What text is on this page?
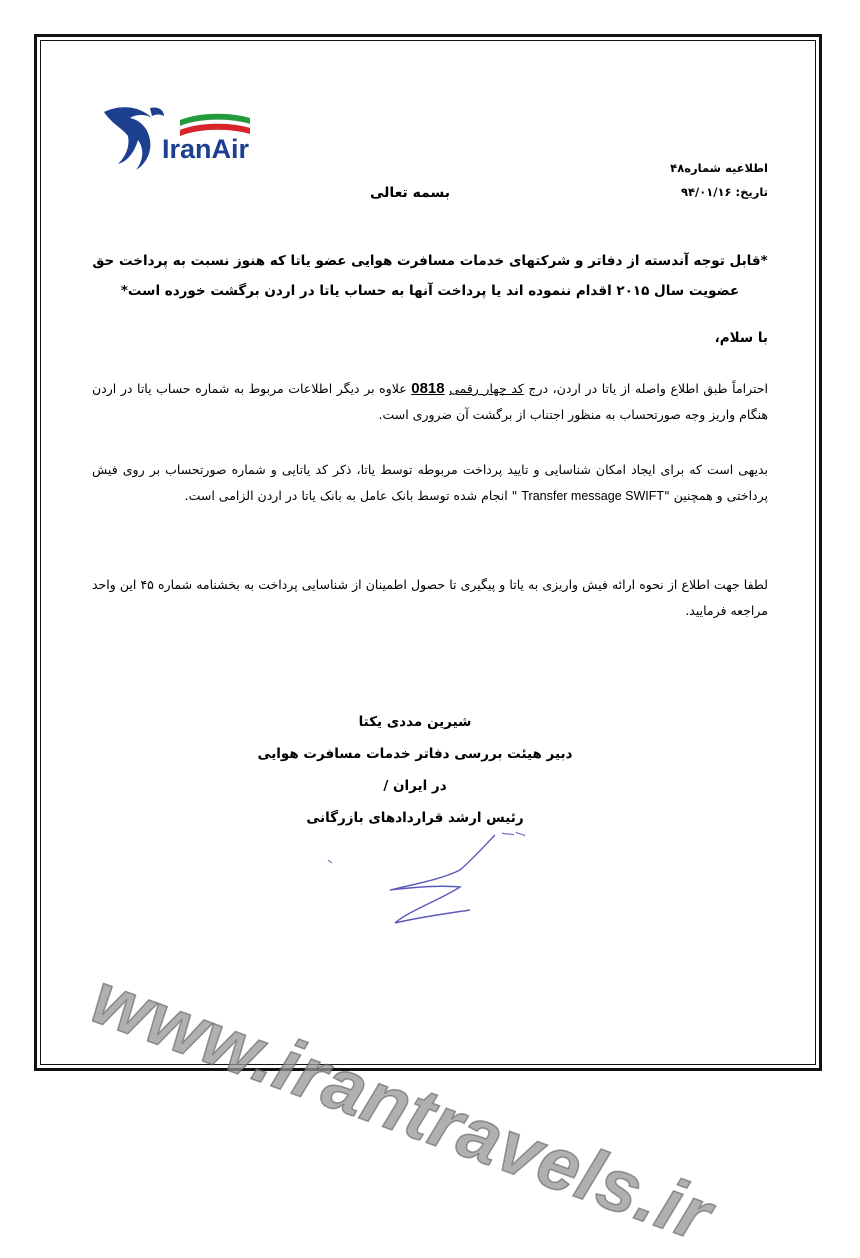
IranAir
اطلاعیه شماره۴۸
تاریخ: ۹۴/۰۱/۱۶
بسمه تعالی
*قابل توجه آندسته از دفاتر و شرکتهای خدمات مسافرت هوایی عضو یاتا که هنوز نسبت به پرداخت حق
عضویت سال ۲۰۱۵ اقدام ننموده اند یا پرداخت آنها به حساب یاتا در اردن برگشت خورده است*
با سلام،
احتراماً طبق اطلاع واصله از یاتا در اردن، درج کد چهار رقمی 0818 علاوه بر دیگر اطلاعات مربوط به شماره حساب یاتا در اردن هنگام واریز وجه صورتحساب به منظور اجتناب از برگشت آن ضروری است.
بدیهی است که برای ایجاد امکان شناسایی و تایید پرداخت مربوطه توسط یاتا، ذکر کد یاتایی و شماره صورتحساب بر روی فیش پرداختی و همچنین "Transfer message SWIFT " انجام شده توسط بانک عامل به بانک یاتا در اردن الزامی است.
لطفا جهت اطلاع از نحوه ارائه فیش واریزی به یاتا و پیگیری تا حصول اطمینان از شناسایی پرداخت به بخشنامه شماره ۴۵ این واحد مراجعه فرمایید.
شیرین مددی یکتا
دبیر هیئت بررسی دفاتر خدمات مسافرت هوایی در ایران /
رئیس ارشد قراردادهای بازرگانی
www.irantravels.ir
